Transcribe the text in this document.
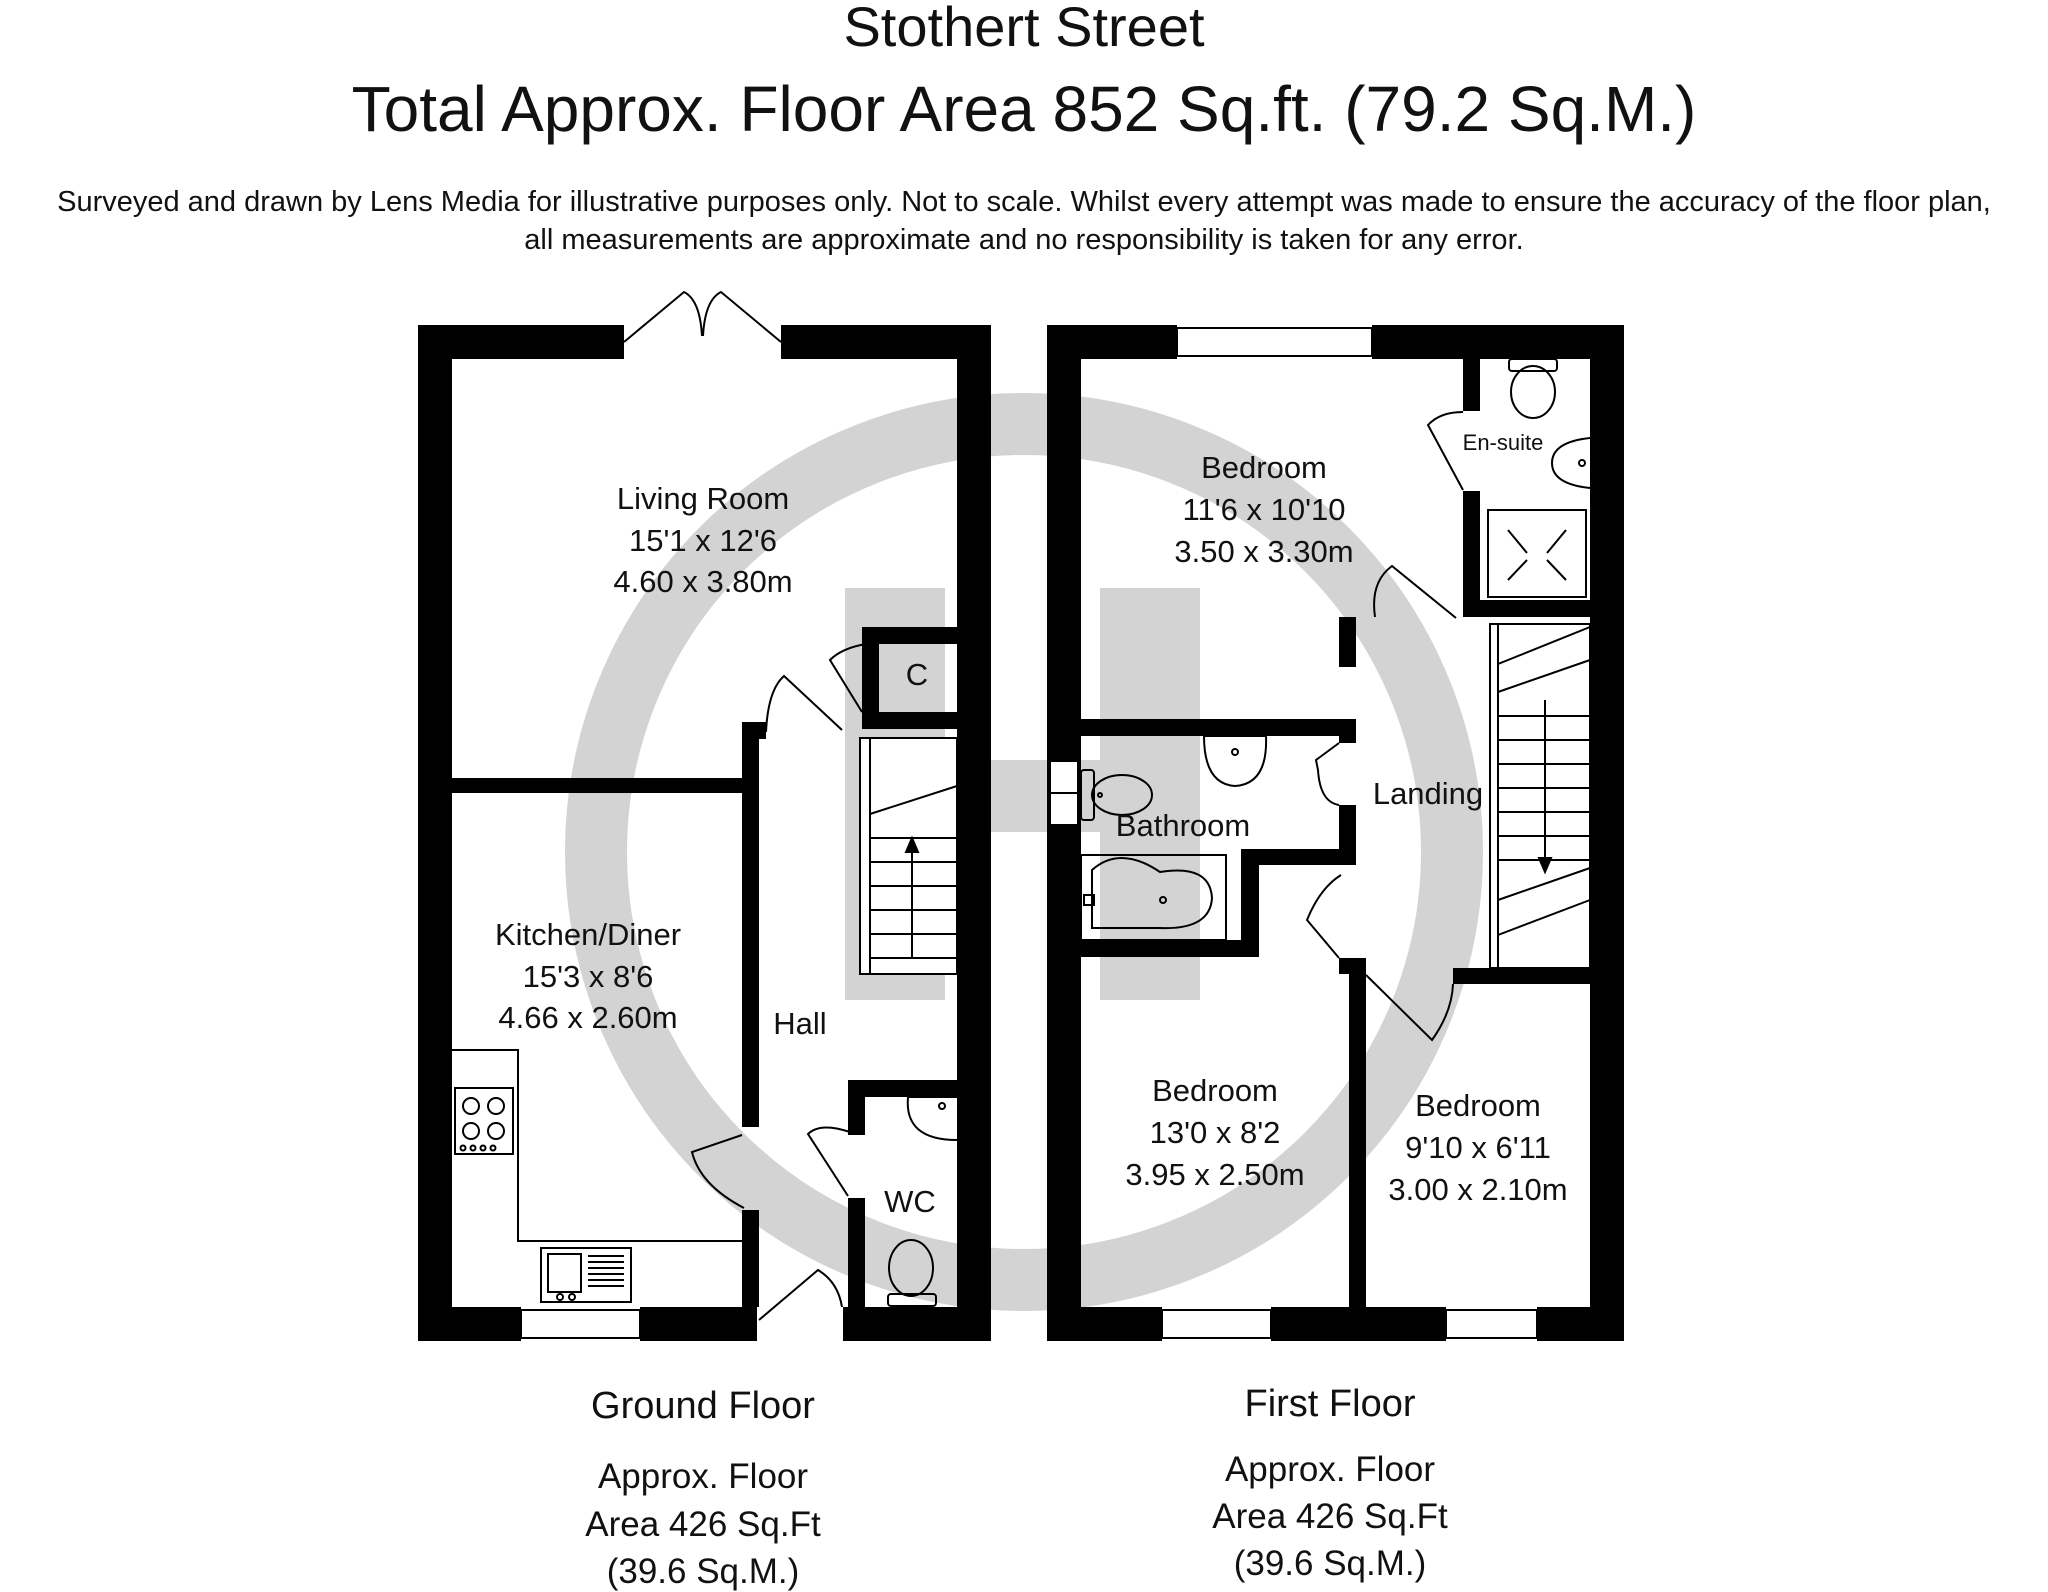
Stothert Street
Total Approx. Floor Area 852 Sq.ft. (79.2 Sq.M.)
Surveyed and drawn by Lens Media for illustrative purposes only. Not to scale. Whilst every attempt was made to ensure the accuracy of the floor plan,
all measurements are approximate and no responsibility is taken for any error.
Living Room
15'1 x 12'6
4.60 x 3.80m
Kitchen/Diner
15'3 x 8'6
4.66 x 2.60m	Hall
C
WC
Bedroom
11'6 x 10'10
3.50 x 3.30m
En-suite
Bathroom
Landing
Bedroom
13'0 x 8'2
3.95 x 2.50m
Bedroom
9'10 x 6'11
3.00 x 2.10m
Ground Floor
Approx. Floor
Area 426 Sq.Ft
(39.6 Sq.M.)
First Floor
Approx. Floor
Area 426 Sq.Ft
(39.6 Sq.M.)
